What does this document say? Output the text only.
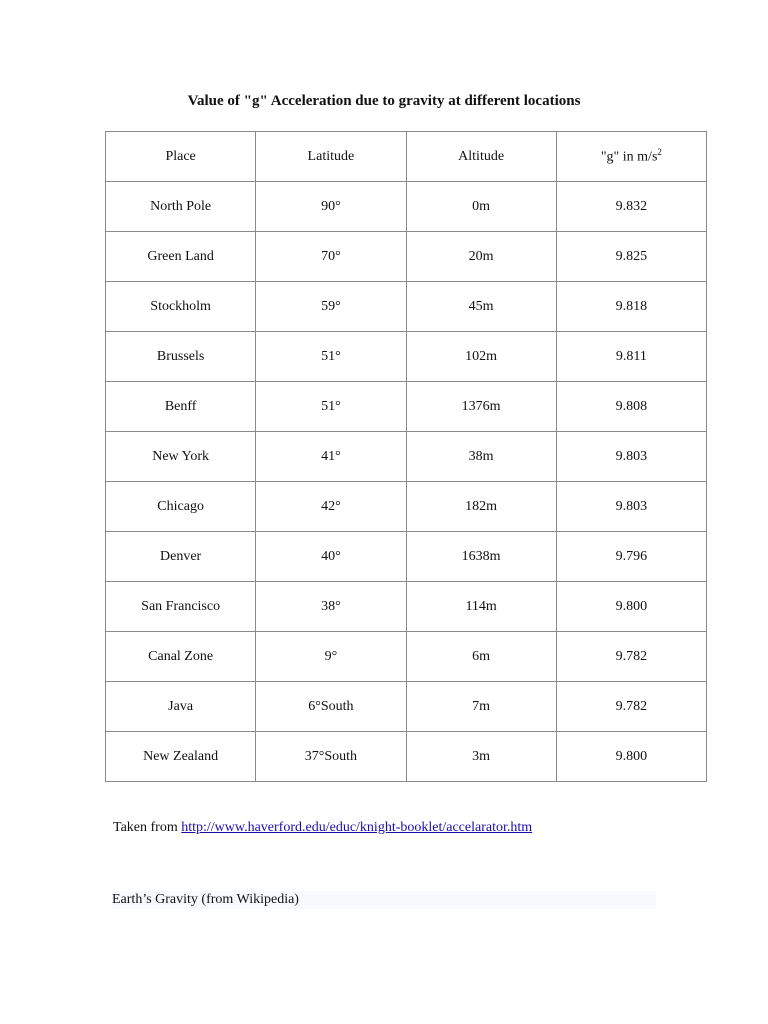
Value of "g" Acceleration due to gravity at different locations
Place	Latitude	Altitude	"g" in $m/s^2$
North Pole	90°	0m	9.832
Green Land	70°	20m	9.825
Stockholm	59°	45m	9.818
Brussels	51°	102m	9.811
Benff	51°	1376m	9.808
New York	41°	38m	9.803
Chicago	42°	182m	9.803
Denver	40°	1638m	9.796
San Francisco	38°	114m	9.800
Canal Zone	9°	6m	9.782
Java	6°South	7m	9.782
New Zealand	37°South	3m	9.800
Taken from http://www.haverford.edu/educ/knight-booklet/accelarator.htm
Earth’s Gravity (from Wikipedia)
